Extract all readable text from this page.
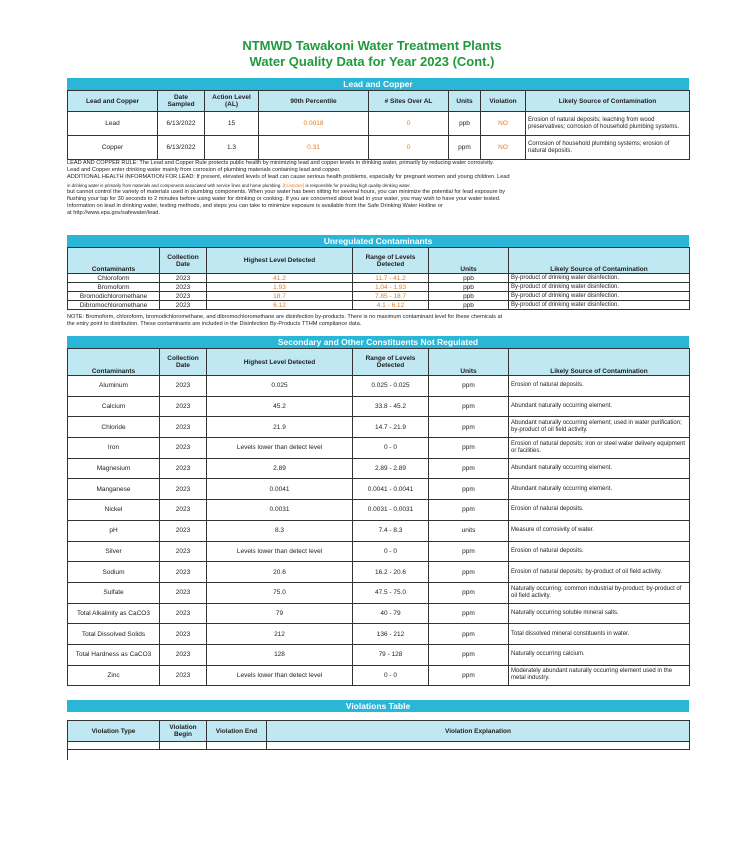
NTMWD Tawakoni Water Treatment Plants
Water Quality Data for Year 2023 (Cont.)
Lead and Copper
Lead and Copper	Date Sampled	Action Level (AL)	90th Percentile	# Sites Over AL	Units	Violation	Likely Source of Contamination
Lead	6/13/2022	15	0.0018	0	ppb	NO	Erosion of natural deposits; leaching from wood preservatives; corrosion of household plumbing systems.
Copper	6/13/2022	1.3	0.31	0	ppm	NO	Corrosion of household plumbing systems; erosion of natural deposits.

LEAD AND COPPER RULE: The Lead and Copper Rule protects public health by minimizing lead and copper levels in drinking water, primarily by reducing water corrosivity.

Lead and Copper enter drinking water mainly from corrosion of plumbing materials containing lead and copper.

ADDITIONAL HEALTH INFORMATION FOR LEAD: If present, elevated levels of lead can cause serious health problems, especially for pregnant women and young children. Lead

in drinking water is primarily from materials and components associated with service lines and home plumbing. [Customer] is responsible for providing high quality drinking water,

but cannot control the variety of materials used in plumbing components. When your water has been sitting for several hours, you can minimize the potential for lead exposure by

flushing your tap for 30 seconds to 2 minutes before using water for drinking or cooking. If you are concerned about lead in your water, you may wish to have your water tested.

Information on lead in drinking water, testing methods, and steps you can take to minimize exposure is available from the Safe Drinking Water Hotline or

at http://www.epa.gov/safewater/lead.

Unregulated Contaminants
Contaminants	Collection Date	Highest Level Detected	Range of Levels Detected	Units	Likely Source of Contamination
Chloroform	2023	41.2	11.7 - 41.2	ppb	By-product of drinking water disinfection.
Bromoform	2023	1.93	1.04 - 1.93	ppb	By-product of drinking water disinfection.
Bromodichloromethane	2023	18.7	7.85 - 18.7	ppb	By-product of drinking water disinfection.
Dibromochloromethane	2023	6.12	4.1 - 6.12	ppb	By-product of drinking water disinfection.

NOTE: Bromoform, chloroform, bromodichloromethane, and dibromochloromethane are disinfection by-products. There is no maximum contaminant level for these chemicals at

the entry point to distribution. These contaminants are included in the Disinfection By-Products TTHM compliance data.

Secondary and Other Constituents Not Regulated
Contaminants	Collection Date	Highest Level Detected	Range of Levels Detected	Units	Likely Source of Contamination
Aluminum	2023	0.025	0.025 - 0.025	ppm	Erosion of natural deposits.
Calcium	2023	45.2	33.8 - 45.2	ppm	Abundant naturally occurring element.
Chloride	2023	21.9	14.7 - 21.9	ppm	Abundant naturally occurring element; used in water purification; by-product of oil field activity.
Iron	2023	Levels lower than detect level	0 - 0	ppm	Erosion of natural deposits; iron or steel water delivery equipment or facilities.
Magnesium	2023	2.89	2.89 - 2.89	ppm	Abundant naturally occurring element.
Manganese	2023	0.0041	0.0041 - 0.0041	ppm	Abundant naturally occurring element.
Nickel	2023	0.0031	0.0031 - 0.0031	ppm	Erosion of natural deposits.
pH	2023	8.3	7.4 - 8.3	units	Measure of corrosivity of water.
Silver	2023	Levels lower than detect level	0 - 0	ppm	Erosion of natural deposits.
Sodium	2023	20.6	16.2 - 20.6	ppm	Erosion of natural deposits; by-product of oil field activity.
Sulfate	2023	75.0	47.5 - 75.0	ppm	Naturally occurring; common industrial by-product; by-product of oil field activity.
Total Alkalinity as CaCO3	2023	79	40 - 79	ppm	Naturally occurring soluble mineral salts.
Total Dissolved Solids	2023	212	136 - 212	ppm	Total dissolved mineral constituents in water.
Total Hardness as CaCO3	2023	128	79 - 128	ppm	Naturally occurring calcium.
Zinc	2023	Levels lower than detect level	0 - 0	ppm	Moderately abundant naturally occurring element used in the metal industry.
Violations Table
Violation Type	Violation Begin	Violation End	Violation Explanation
